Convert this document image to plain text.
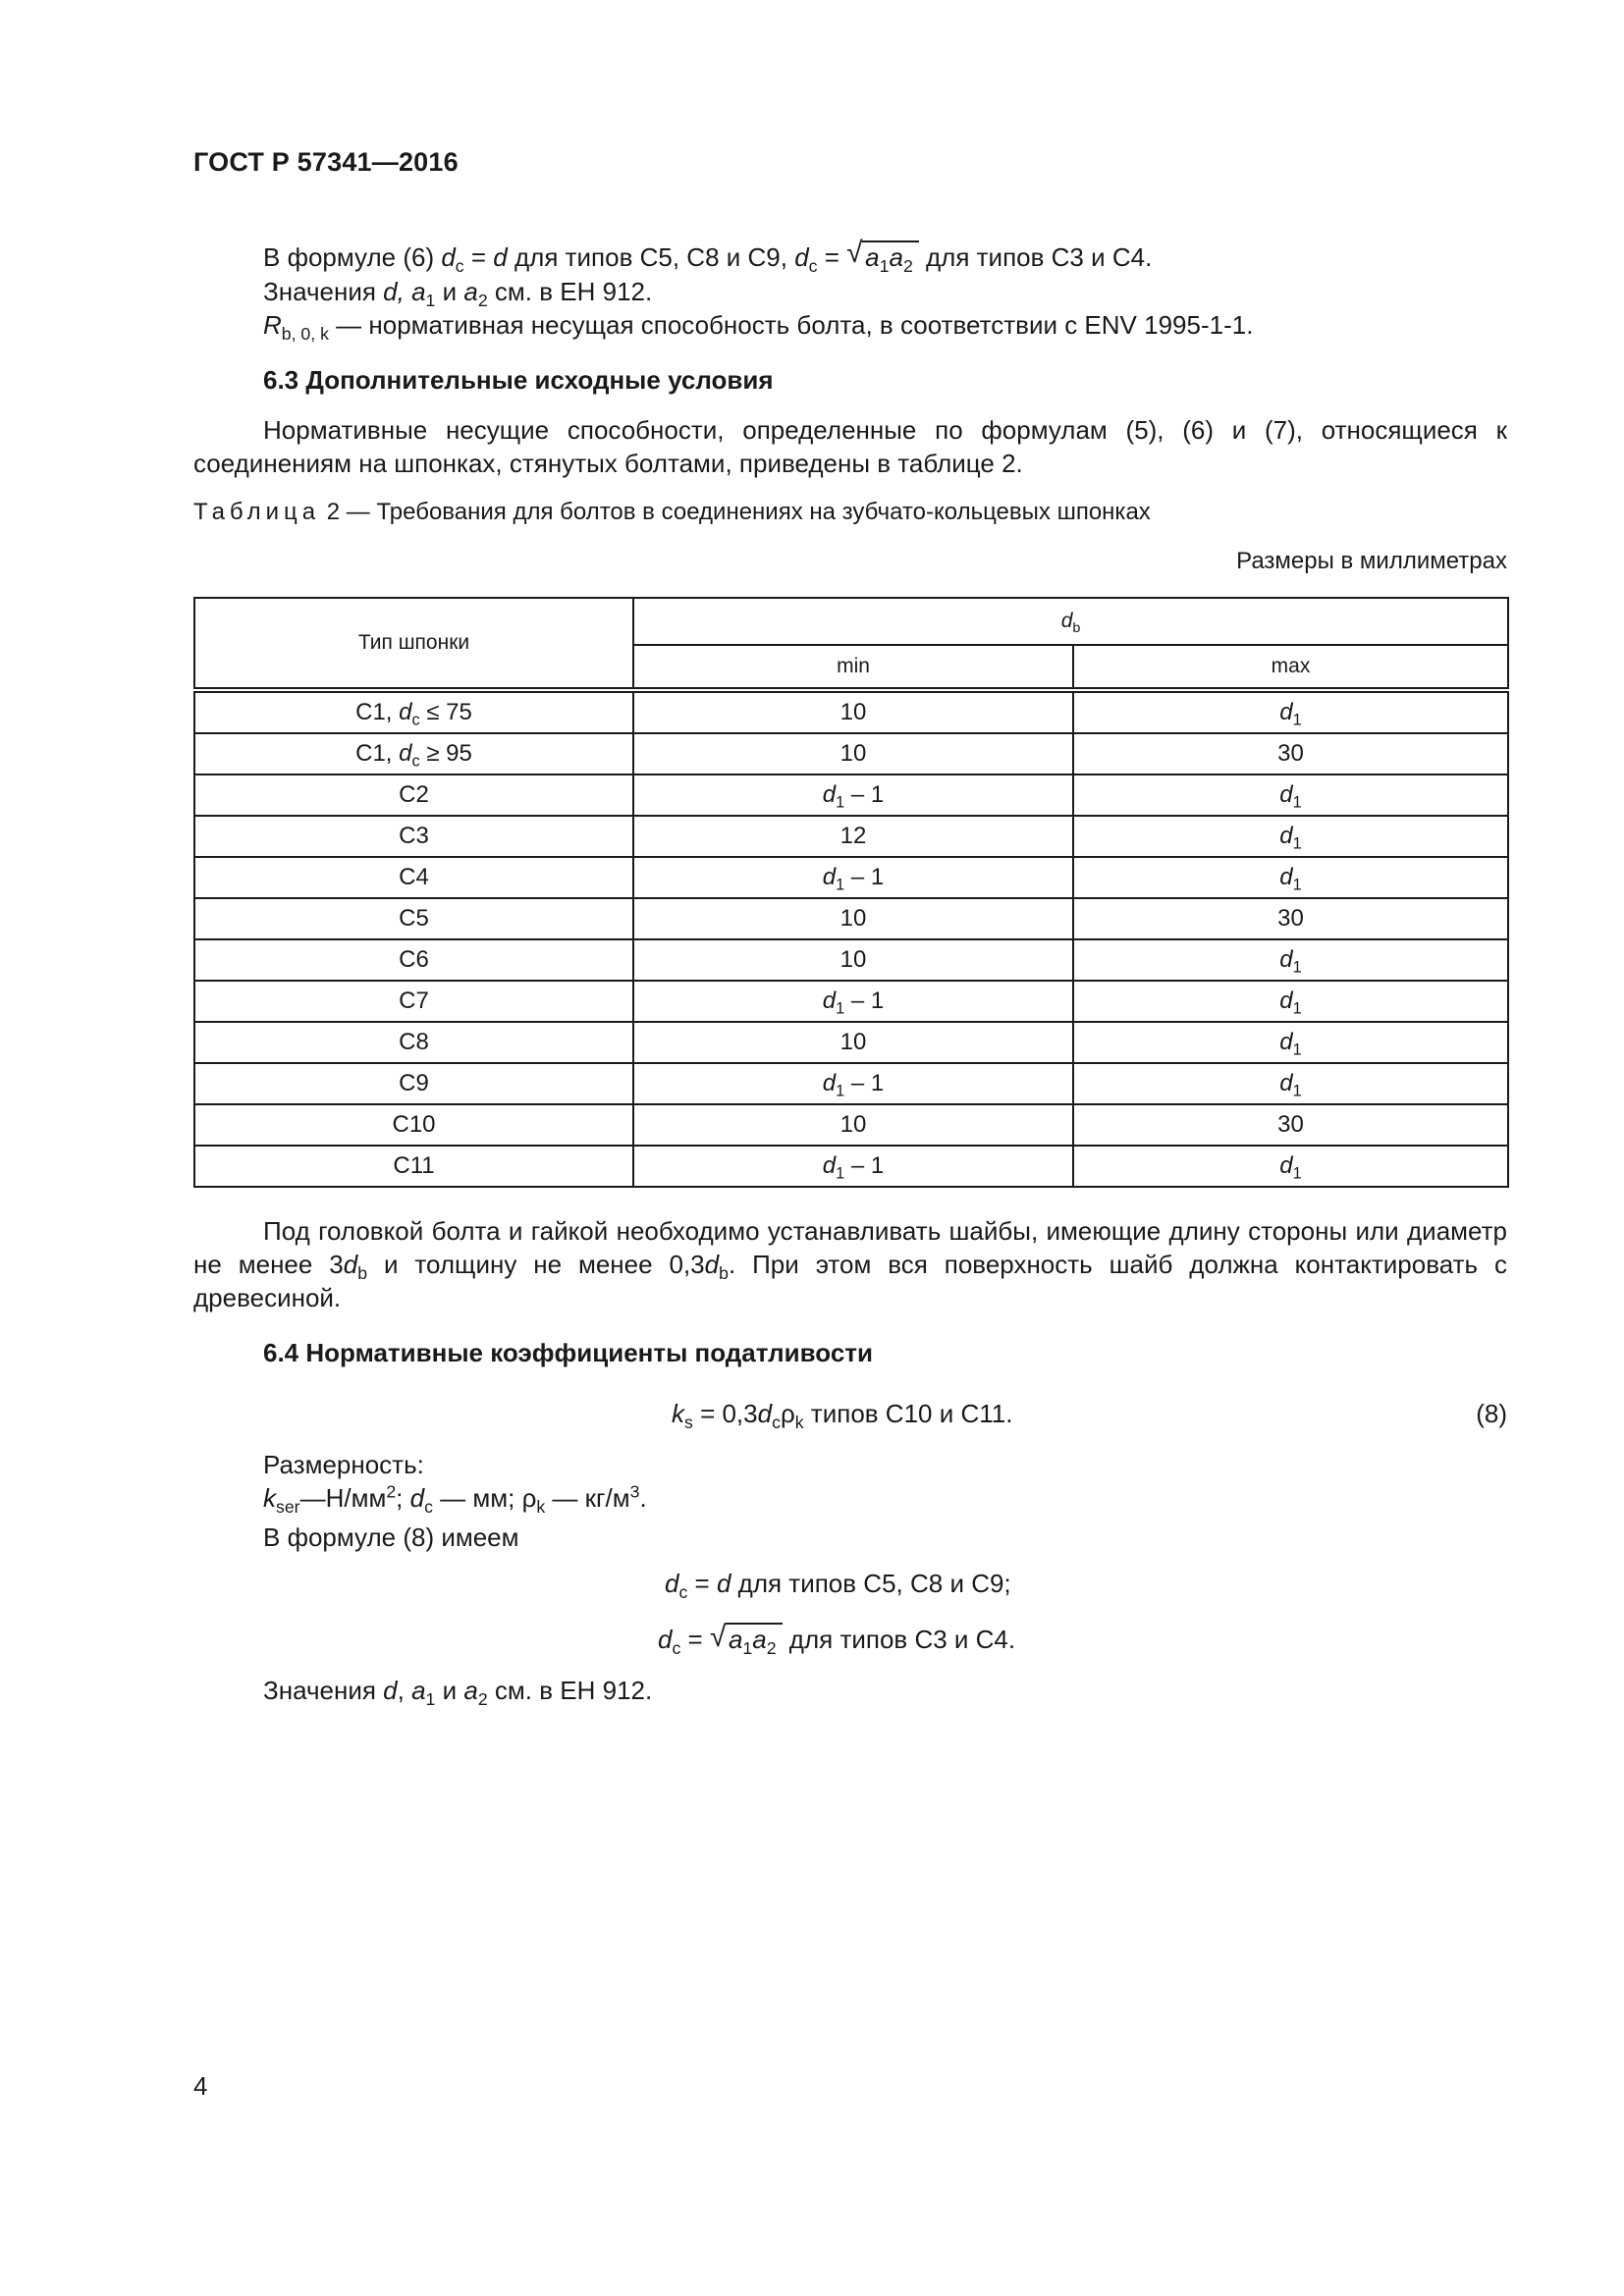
ГОСТ Р 57341—2016
В формуле (6) $d_c = d$ для типов С5, С8 и С9, $d_c$ = √ $a_1a_2$ для типов С3 и С4.
Значения d, $a_1$ и $a_2$ см. в ЕН 912.
$R_{b, 0, k}$ — нормативная несущая способность болта, в соответствии с ENV 1995-1-1.
6.3 Дополнительные исходные условия
Нормативные несущие способности, определенные по формулам (5), (6) и (7), относящиеся к соединениям на шпонках, стянутых болтами, приведены в таблице 2.
Таблица 2 — Требования для болтов в соединениях на зубчато-кольцевых шпонках
Размеры в миллиметрах
Тип шпонки	$d_b$
	min	max
C1, $d_c \le 75$	10	$d_1$
C1, $d_c \ge 95$	10	30
C2	$d_1 - 1$	$d_1$
C3	12	$d_1$
C4	$d_1 - 1$	$d_1$
C5	10	30
C6	10	$d_1$
C7	$d_1 - 1$	$d_1$
C8	10	$d_1$
C9	$d_1 - 1$	$d_1$
C10	10	30
C11	$d_1 - 1$	$d_1$
Под головкой болта и гайкой необходимо устанавливать шайбы, имеющие длину стороны или диаметр не менее $3d_b$ и толщину не менее $0,3d_b$. При этом вся поверхность шайб должна контактировать с древесиной.
6.4 Нормативные коэффициенты податливости
$k_s = 0,3d_c\rho_k$ типов С10 и С11.	(8)
Размерность:
$k_{ser}—Н/мм^2$; $d_c$ — мм; $\rho_k$ — $кг/м^3$.
В формуле (8) имеем
$d_c = d$ для типов С5, С8 и С9;
$d_c$ = √ $a_1a_2$ для типов С3 и С4.
Значения d, $a_1$ и $a_2$ см. в ЕН 912.
4
